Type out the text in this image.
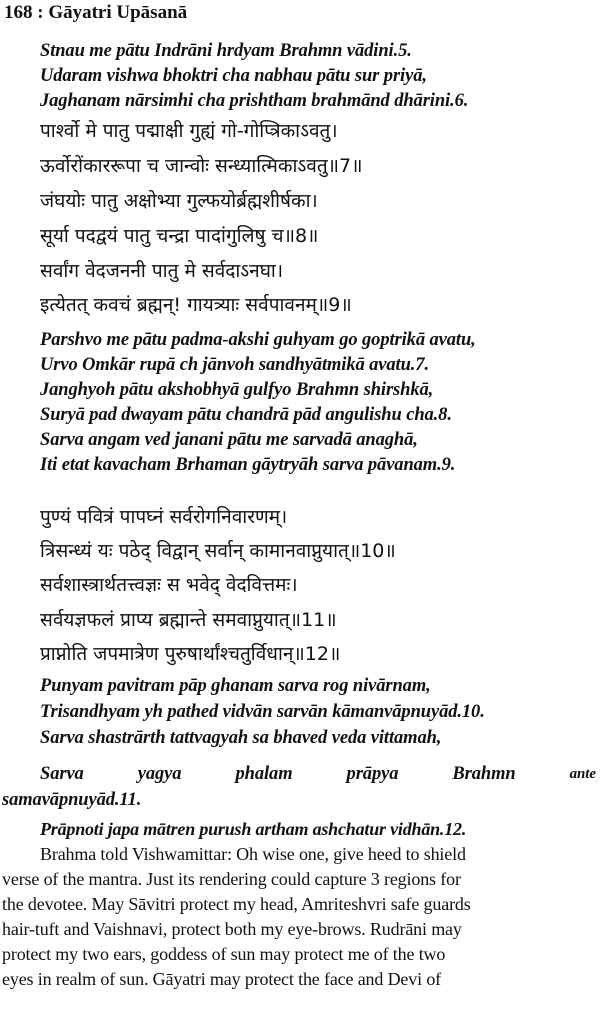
168 : Gāyatri Upāsanā
Stnau me pātu Indrāni hrdyam Brahmn vādini.5.
Udaram vishwa bhoktri cha nabhau pātu sur priyā,
Jaghanam nārsimhi cha prishtham brahmānd dhārini.6.
पार्श्वो मे पातु पद्माक्षी गुह्यं गो-गोप्त्रिकाऽवतु।
ऊर्वोरोंकाररूपा च जान्वोः सन्ध्यात्मिकाऽवतु॥7॥
जंघयोः पातु अक्षोभ्या गुल्फयोर्ब्रह्मशीर्षका।
सूर्या पदद्वयं पातु चन्द्रा पादांगुलिषु च॥8॥
सर्वांग वेदजननी पातु मे सर्वदाऽनघा।
इत्येतत् कवचं ब्रह्मन्! गायत्र्याः सर्वपावनम्॥9॥
Parshvo me pātu padma-akshi guhyam go goptrikā avatu,
Urvo Omkār rupā ch jānvoh sandhyātmikā avatu.7.
Janghyoh pātu akshobhyā gulfyo Brahmn shirshkā,
Suryā pad dwayam pātu chandrā pād angulishu cha.8.
Sarva angam ved janani pātu me sarvadā anaghā,
Iti etat kavacham Brhaman gāytryāh sarva pāvanam.9.
पुण्यं पवित्रं पापघ्नं सर्वरोगनिवारणम्।
त्रिसन्ध्यं यः पठेद् विद्वान् सर्वान् कामानवाप्नुयात्॥10॥
सर्वशास्त्रार्थतत्त्वज्ञः स भवेद् वेदवित्तमः।
सर्वयज्ञफलं प्राप्य ब्रह्मान्ते समवाप्नुयात्॥11॥
प्राप्नोति जपमात्रेण पुरुषार्थांश्चतुर्विधान्॥12॥
Punyam pavitram pāp ghanam sarva rog nivārnam,
Trisandhyam yh pathed vidvān sarvān kāmanvāpnuyād.10.
Sarva shastrārth tattvagyah sa bhaved veda vittamah,
Sarva	yagya	phalam	prāpya	Brahmn	ante
samavāpnuyād.11.
Prāpnoti japa mātren purush artham ashchatur vidhān.12.
Brahma told Vishwamittar: Oh wise one, give heed to shield
verse of the mantra. Just its rendering could capture 3 regions for
the devotee. May Sāvitri protect my head, Amriteshvri safe guards
hair-tuft and Vaishnavi, protect both my eye-brows. Rudrāni may
protect my two ears, goddess of sun may protect me of the two
eyes in realm of sun. Gāyatri may protect the face and Devi of
